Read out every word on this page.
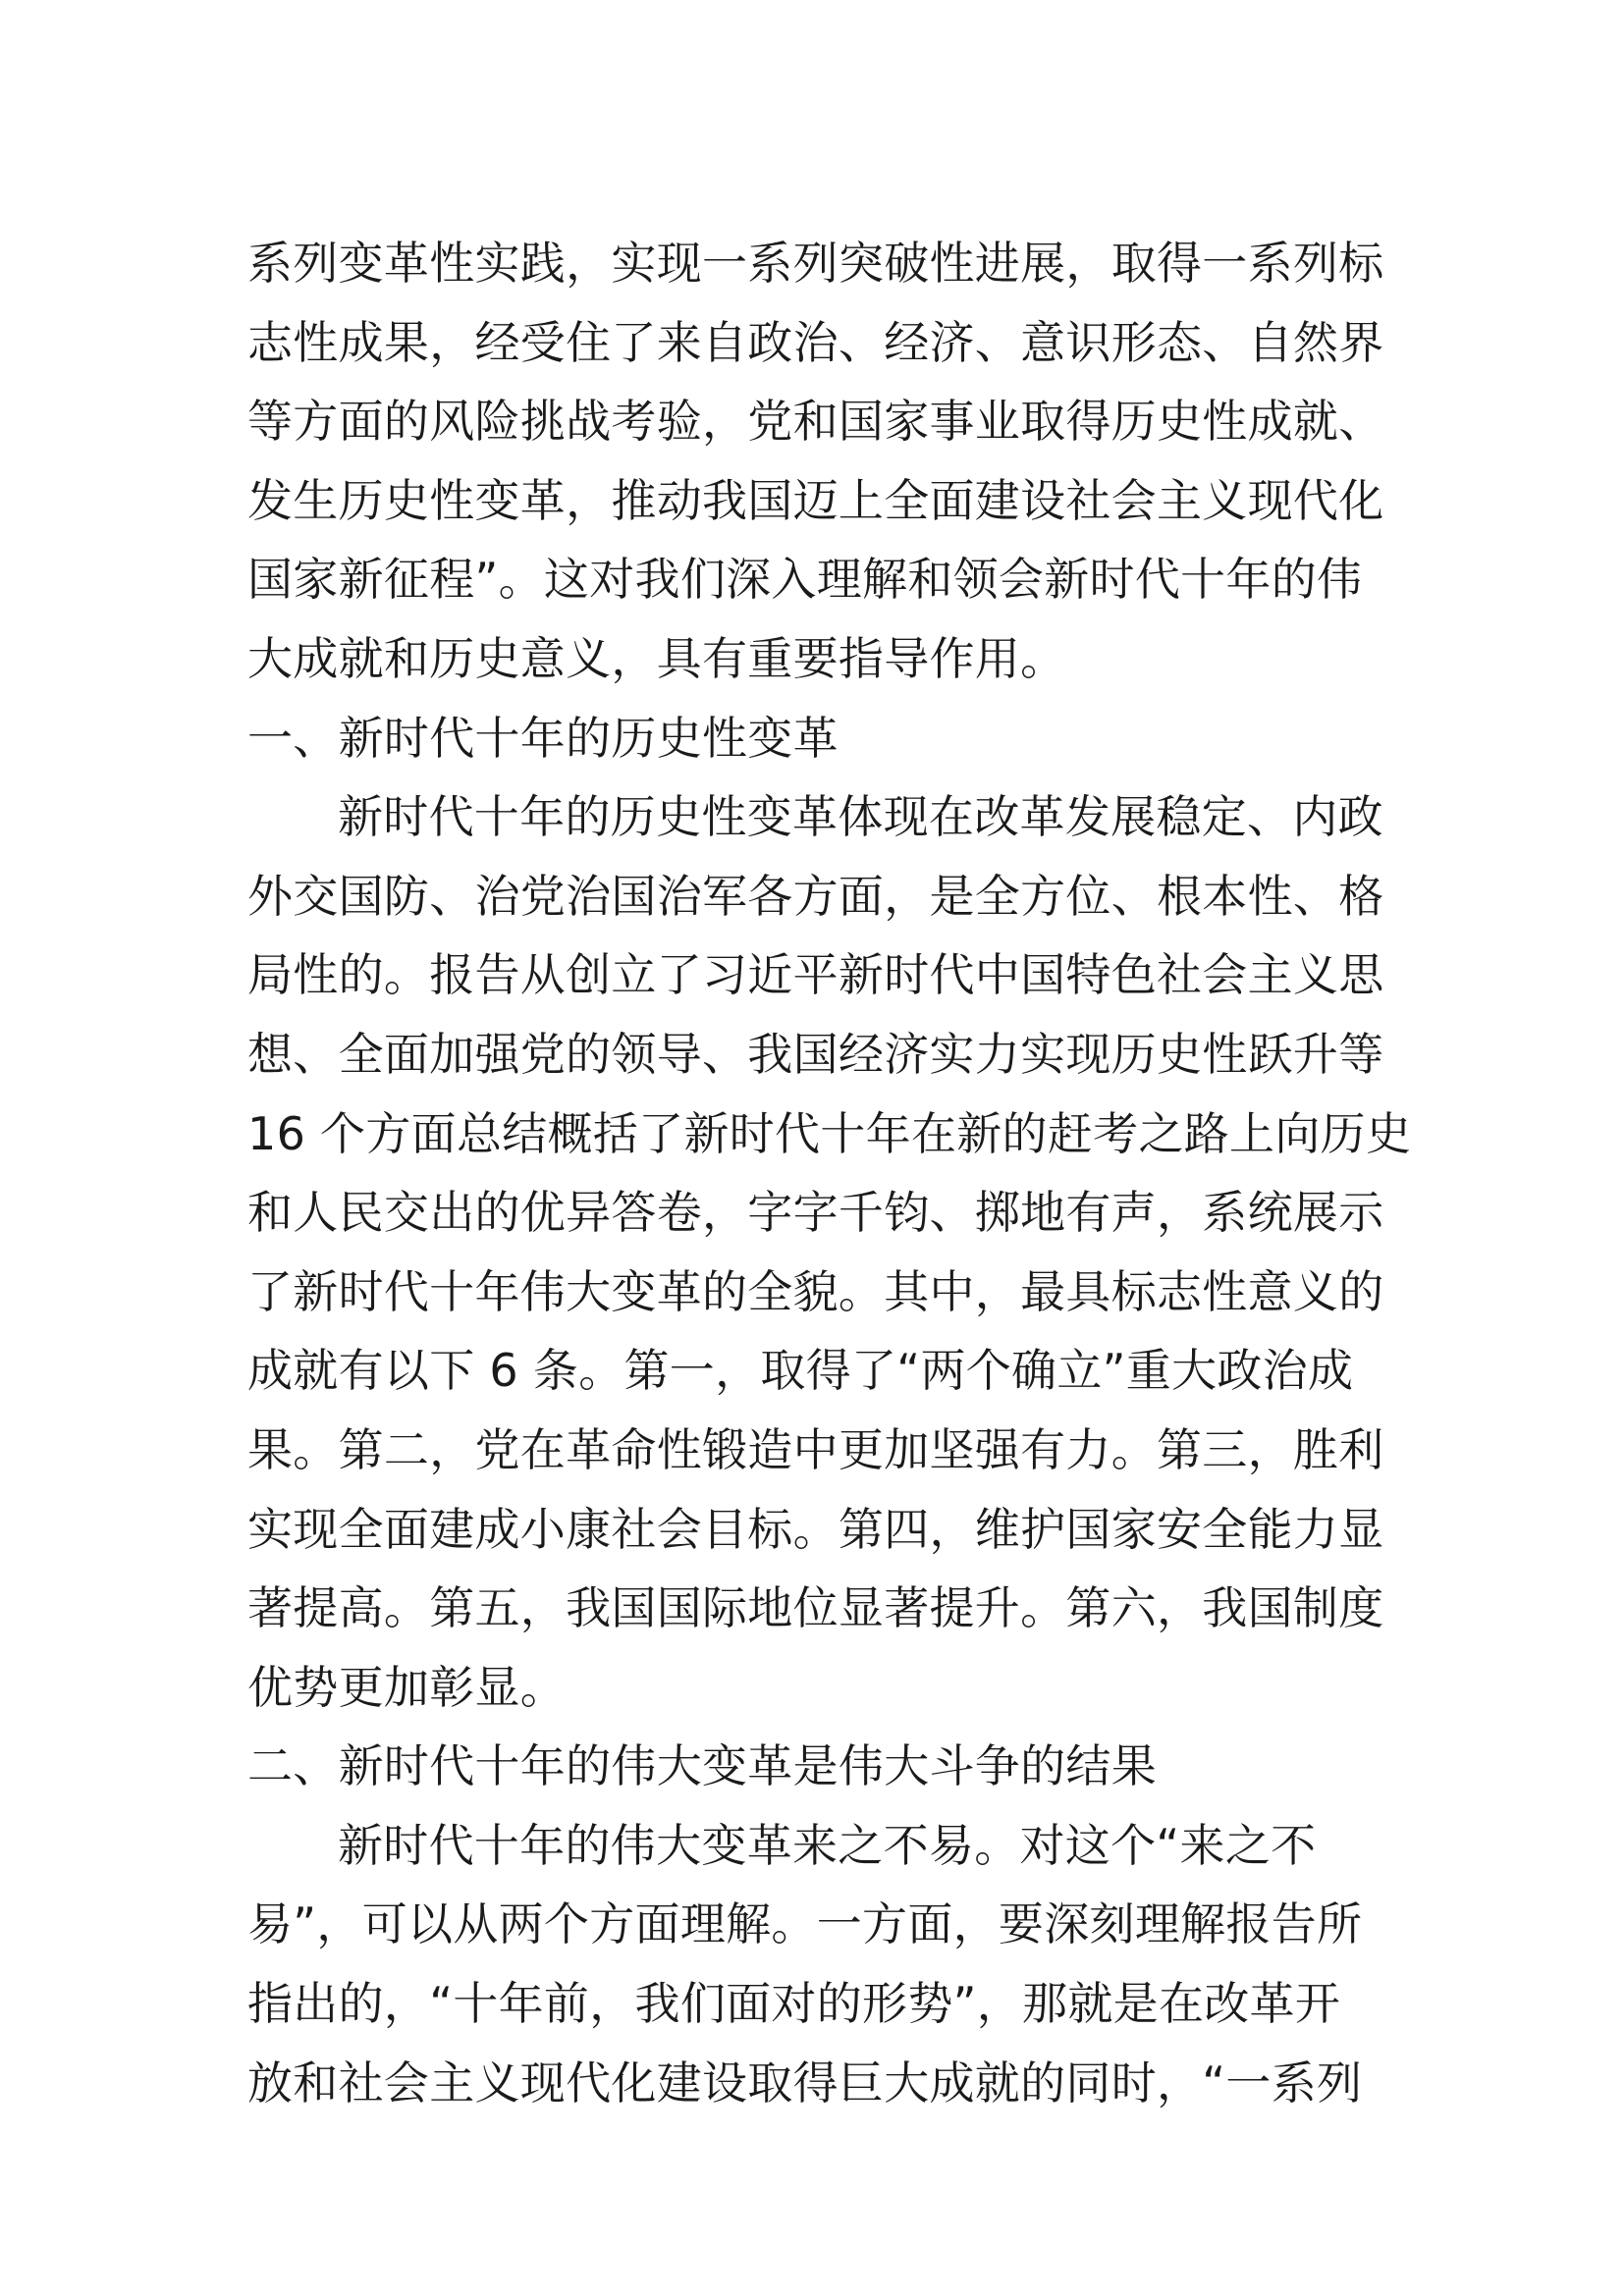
系列变革性实践，实现一系列突破性进展，取得一系列标
志性成果，经受住了来自政治、经济、意识形态、自然界
等方面的风险挑战考验，党和国家事业取得历史性成就、
发生历史性变革，推动我国迈上全面建设社会主义现代化
国家新征程”。这对我们深入理解和领会新时代十年的伟
大成就和历史意义，具有重要指导作用。
一、新时代十年的历史性变革
新时代十年的历史性变革体现在改革发展稳定、内政
外交国防、治党治国治军各方面，是全方位、根本性、格
局性的。报告从创立了习近平新时代中国特色社会主义思
想、全面加强党的领导、我国经济实力实现历史性跃升等
16 个方面总结概括了新时代十年在新的赶考之路上向历史
和人民交出的优异答卷，字字千钧、掷地有声，系统展示
了新时代十年伟大变革的全貌。其中，最具标志性意义的
成就有以下 6 条。第一，取得了“两个确立”重大政治成
果。第二，党在革命性锻造中更加坚强有力。第三，胜利
实现全面建成小康社会目标。第四，维护国家安全能力显
著提高。第五，我国国际地位显著提升。第六，我国制度
优势更加彰显。
二、新时代十年的伟大变革是伟大斗争的结果
新时代十年的伟大变革来之不易。对这个“来之不
易”，可以从两个方面理解。一方面，要深刻理解报告所
指出的，“十年前，我们面对的形势”，那就是在改革开
放和社会主义现代化建设取得巨大成就的同时，“一系列
